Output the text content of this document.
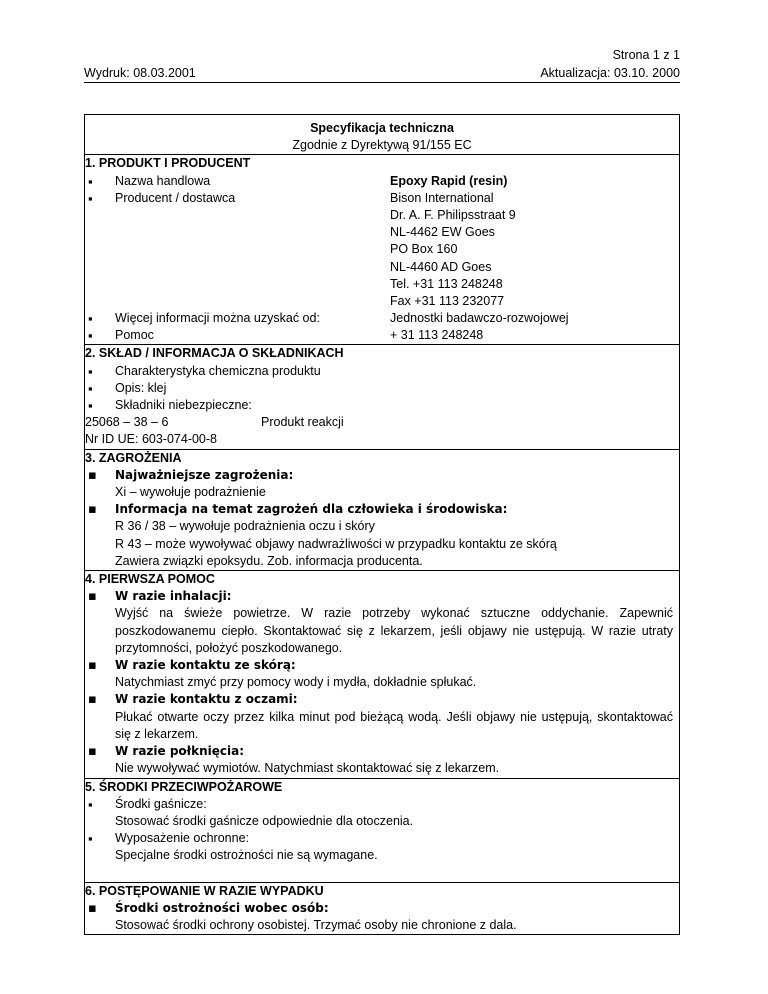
Strona 1 z 1
Aktualizacja: 03.10. 2000
Wydruk: 08.03.2001
Specyfikacja techniczna
Zgodnie z Dyrektywą 91/155 EC
1. PRODUKT I PRODUCENT
▪ Nazwa handlowa	Epoxy Rapid (resin)
▪ Producent / dostawca	Bison International
Dr. A. F. Philipsstraat 9
NL-4462 EW Goes
PO Box 160
NL-4460 AD Goes
Tel. +31 113 248248
Fax +31 113 232077
▪ Więcej informacji można uzyskać od:	Jednostki badawczo-rozwojowej
▪ Pomoc	+ 31 113 248248
2. SKŁAD / INFORMACJA O SKŁADNIKACH
▪ Charakterystyka chemiczna produktu
▪ Opis: klej
▪ Składniki niebezpieczne:
25068 – 38 – 6	Produkt reakcji
Nr ID UE: 603-074-00-8
3. ZAGROŻENIA
▪ Najważniejsze zagrożenia:
Xi – wywołuje podrażnienie
▪ Informacja na temat zagrożeń dla człowieka i środowiska:
R 36 / 38 – wywołuje podrażnienia oczu i skóry
R 43 – może wywoływać objawy nadwrażliwości w przypadku kontaktu ze skórą
Zawiera związki epoksydu. Zob. informacja producenta.
4. PIERWSZA POMOC
▪ W razie inhalacji:
Wyjść na świeże powietrze. W razie potrzeby wykonać sztuczne oddychanie. Zapewnić poszkodowanemu ciepło. Skontaktować się z lekarzem, jeśli objawy nie ustępują. W razie utraty przytomności, położyć poszkodowanego.
▪ W razie kontaktu ze skórą:
Natychmiast zmyć przy pomocy wody i mydła, dokładnie spłukać.
▪ W razie kontaktu z oczami:
Płukać otwarte oczy przez kilka minut pod bieżącą wodą. Jeśli objawy nie ustępują, skontaktować się z lekarzem.
▪ W razie połknięcia:
Nie wywoływać wymiotów. Natychmiast skontaktować się z lekarzem.
5. ŚRODKI PRZECIWPOŻAROWE
▪ Środki gaśnicze:
Stosować środki gaśnicze odpowiednie dla otoczenia.
▪ Wyposażenie ochronne:
Specjalne środki ostrożności nie są wymagane.
6. POSTĘPOWANIE W RAZIE WYPADKU
▪ Środki ostrożności wobec osób:
Stosować środki ochrony osobistej. Trzymać osoby nie chronione z dala.
